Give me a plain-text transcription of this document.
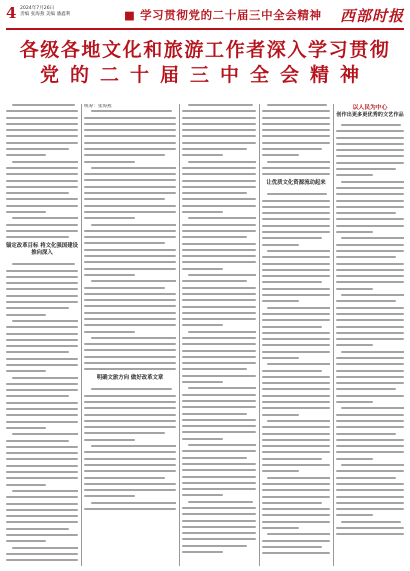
4 2024年7月26日
责编 张海燕 美编 潘鑫利	■ 学习贯彻党的二十届三中全会精神 西部时报
各级各地文化和旅游工作者深入学习贯彻
党的二十届三中全会精神
锚定改革目标 将文化强国建设推向深入
统筹：张海燕
明确文旅方向 做好改革文章
让优质文化资源流动起来
以人民为中心
创作出更多更优秀的文艺作品
